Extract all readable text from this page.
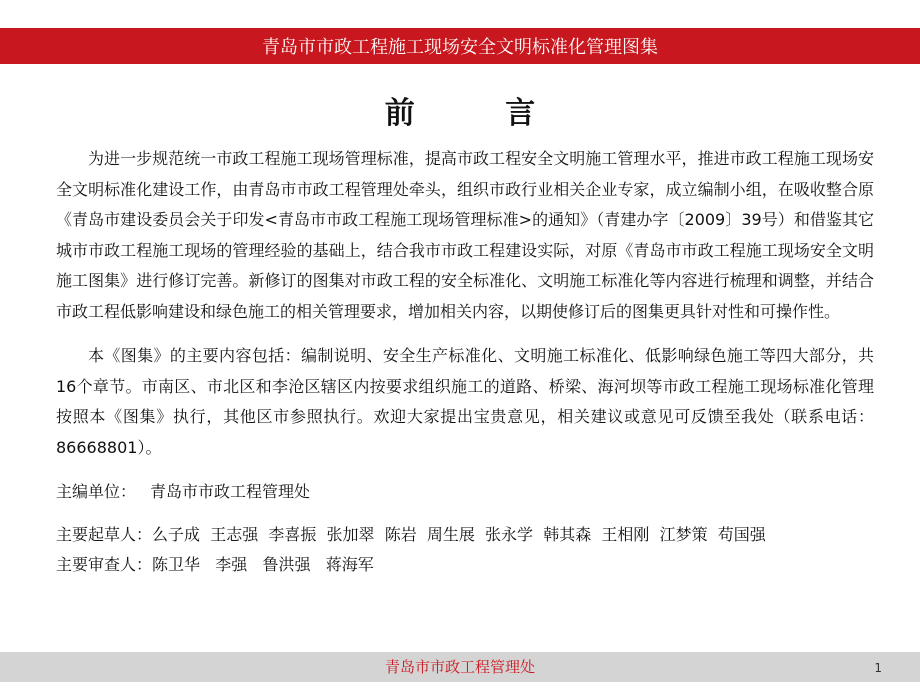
青岛市市政工程施工现场安全文明标准化管理图集
前 言

为进一步规范统一市政工程施工现场管理标准，提高市政工程安全文明施工管理水平，推进市政工程施工现场安全文明标准化建设工作，由青岛市市政工程管理处牵头，组织市政行业相关企业专家，成立编制小组，在吸收整合原《青岛市建设委员会关于印发<青岛市市政工程施工现场管理标准>的通知》（青建办字〔2009〕39号）和借鉴其它城市市政工程施工现场的管理经验的基础上，结合我市市政工程建设实际，对原《青岛市市政工程施工现场安全文明施工图集》进行修订完善。新修订的图集对市政工程的安全标准化、文明施工标准化等内容进行梳理和调整，并结合市政工程低影响建设和绿色施工的相关管理要求，增加相关内容，以期使修订后的图集更具针对性和可操作性。

本《图集》的主要内容包括：编制说明、安全生产标准化、文明施工标准化、低影响绿色施工等四大部分，共16个章节。市南区、市北区和李沧区辖区内按要求组织施工的道路、桥梁、海河坝等市政工程施工现场标准化管理按照本《图集》执行，其他区市参照执行。欢迎大家提出宝贵意见，相关建议或意见可反馈至我处（联系电话：86668801）。

主编单位： 青岛市市政工程管理处

主要起草人：么子成  王志强  李喜振  张加翠  陈岩  周生展  张永学  韩其森  王相刚  江梦策  苟国强

主要审查人：陈卫华   李强   鲁洪强   蒋海军

青岛市市政工程管理处	1
